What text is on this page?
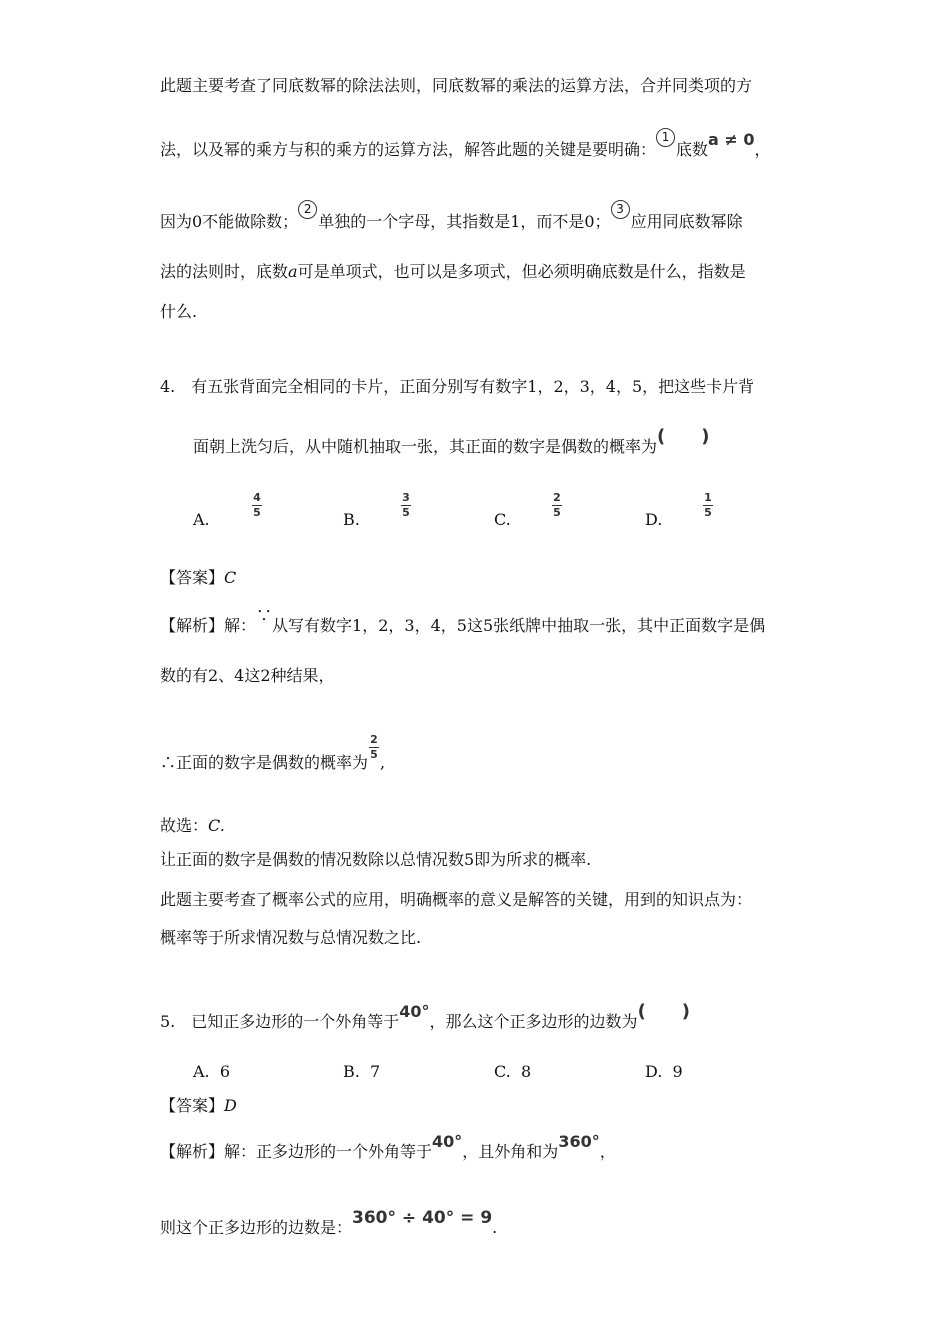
此题主要考查了同底数幂的除法法则，同底数幂的乘法的运算方法，合并同类项的方
法，以及幂的乘方与积的乘方的运算方法，解答此题的关键是要明确：1底数a ≠ 0，
因为0不能做除数；2单独的一个字母，其指数是1，而不是0；3应用同底数幂除
法的法则时，底数a可是单项式，也可以是多项式，但必须明确底数是什么，指数是
什么.
4.　有五张背面完全相同的卡片，正面分别写有数字1，2，3，4，5，把这些卡片背
面朝上洗匀后，从中随机抽取一张，其正面的数字是偶数的概率为(  )
A.
4
5	B.
3
5	C.
2
5	D.
1
5
【答案】C
【解析】解：∵从写有数字1，2，3，4，5这5张纸牌中抽取一张，其中正面数字是偶
数的有2、4这2种结果，
∴正面的数字是偶数的概率为 ,
2
5
故选：C.
让正面的数字是偶数的情况数除以总情况数5即为所求的概率.
此题主要考查了概率公式的应用，明确概率的意义是解答的关键，用到的知识点为：
概率等于所求情况数与总情况数之比.
5.　已知正多边形的一个外角等于40°，那么这个正多边形的边数为(  )
A. 6	B. 7	C. 8	D. 9
【答案】D
【解析】解：正多边形的一个外角等于40°，且外角和为360°，
则这个正多边形的边数是：360° ÷ 40° = 9.
